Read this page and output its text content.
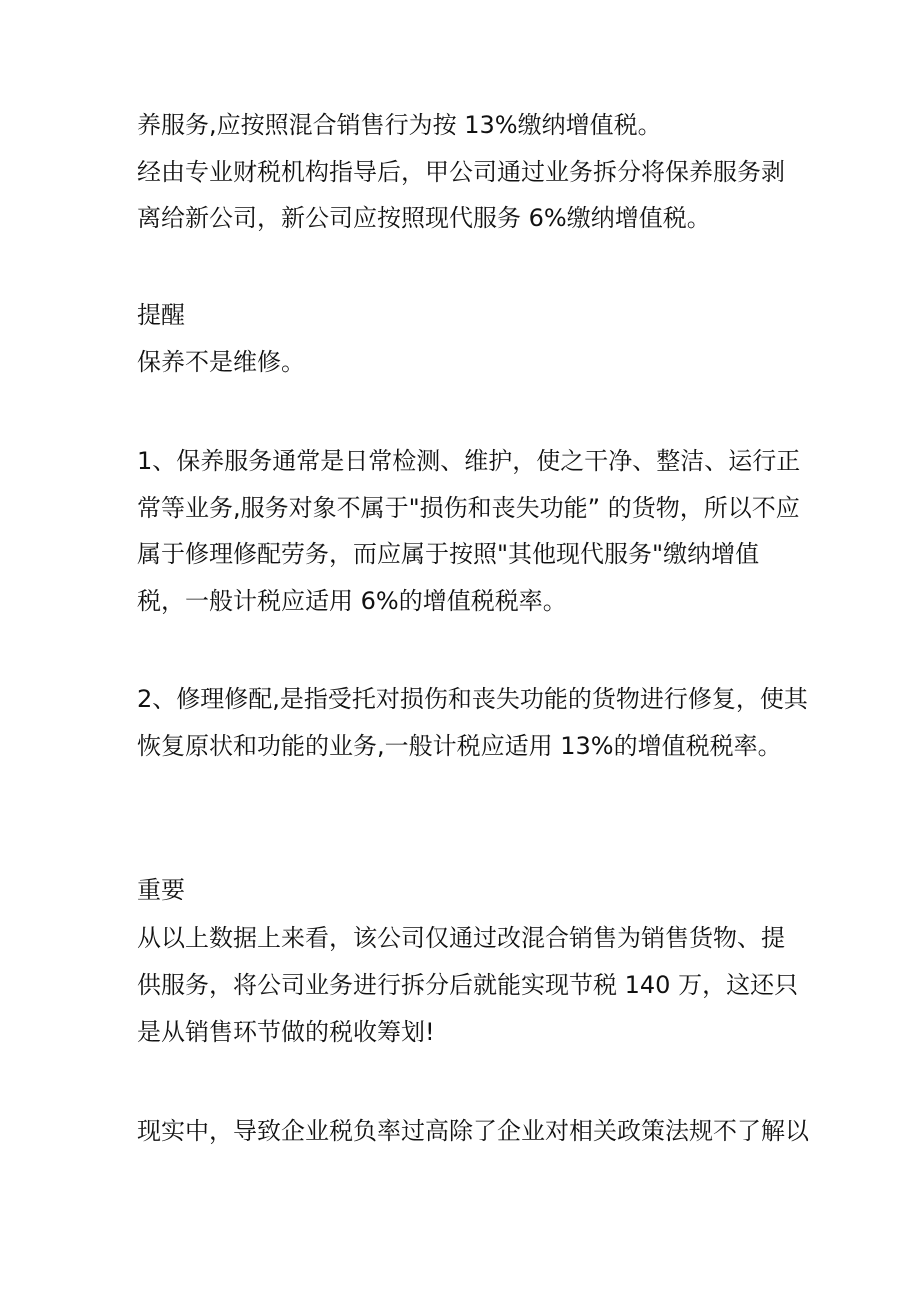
养服务,应按照混合销售行为按 13%缴纳增值税。
经由专业财税机构指导后，甲公司通过业务拆分将保养服务剥
离给新公司，新公司应按照现代服务 6%缴纳增值税。
提醒
保养不是维修。
1、保养服务通常是日常检测、维护，使之干净、整洁、运行正
常等业务,服务对象不属于"损伤和丧失功能” 的货物，所以不应
属于修理修配劳务，而应属于按照"其他现代服务"缴纳增值
税，一般计税应适用 6%的增值税税率。
2、修理修配,是指受托对损伤和丧失功能的货物进行修复，使其
恢复原状和功能的业务,一般计税应适用 13%的增值税税率。
重要
从以上数据上来看，该公司仅通过改混合销售为销售货物、提
供服务，将公司业务进行拆分后就能实现节税 140 万，这还只
是从销售环节做的税收筹划!
现实中，导致企业税负率过高除了企业对相关政策法规不了解以
